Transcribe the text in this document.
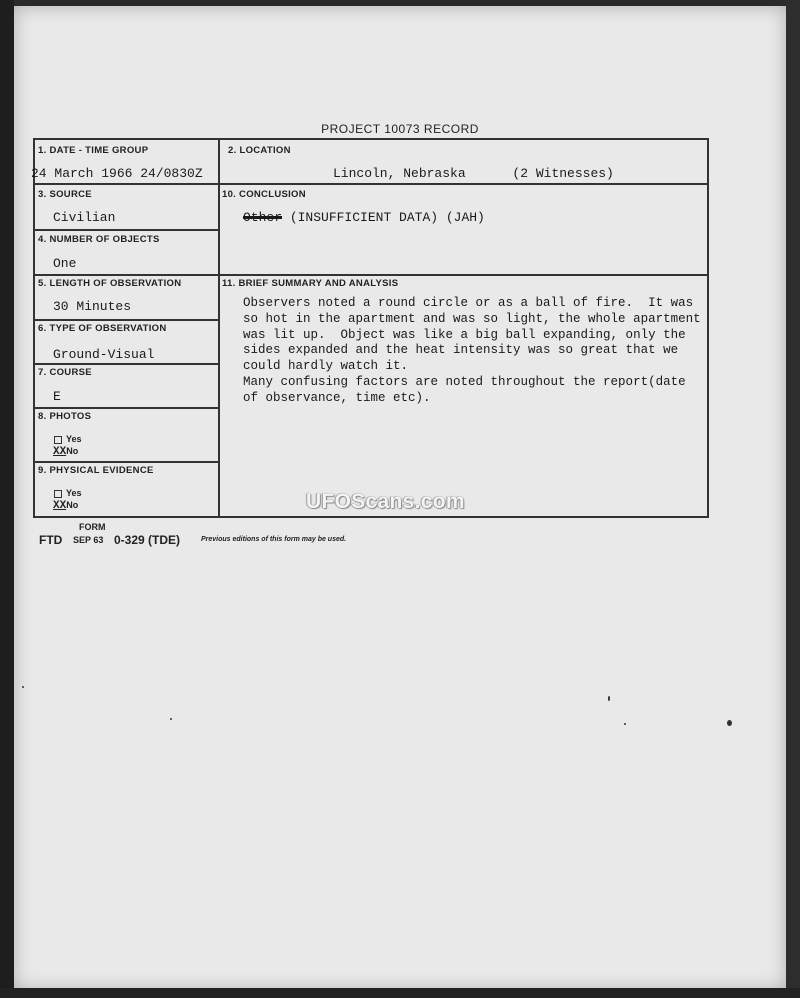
PROJECT 10073 RECORD
1. DATE - TIME GROUP
24 March 1966 24/0830Z
2. LOCATION
Lincoln, Nebraska      (2 Witnesses)
3. SOURCE
Civilian
10. CONCLUSION
Other (INSUFFICIENT DATA) (JAH)
4. NUMBER OF OBJECTS
One
5. LENGTH OF OBSERVATION
30 Minutes
11. BRIEF SUMMARY AND ANALYSIS
Observers noted a round circle or as a ball of fire.  It was
so hot in the apartment and was so light, the whole apartment
was lit up.  Object was like a big ball expanding, only the
sides expanded and the heat intensity was so great that we
could hardly watch it.
Many confusing factors are noted throughout the report(date
of observance, time etc).
6. TYPE OF OBSERVATION
Ground-Visual
7. COURSE
E
8. PHOTOS
Yes
XXNo
9. PHYSICAL EVIDENCE
Yes
XXNo
FORM
FTD SEP 63 0-329 (TDE)	Previous editions of this form may be used.
UFOScans.com
